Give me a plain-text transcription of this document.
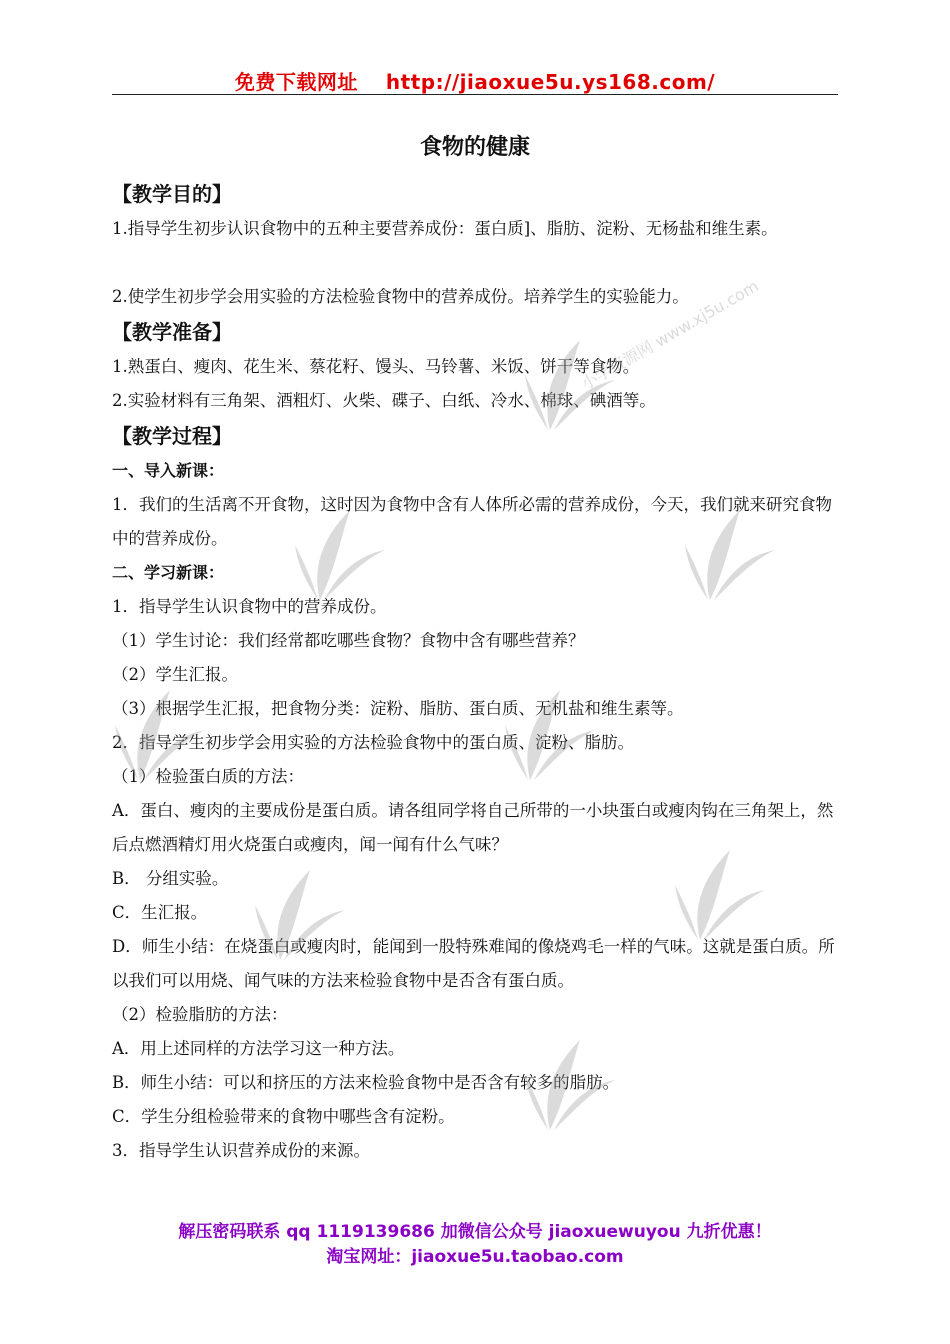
免费下载网址 http://jiaoxue5u.ys168.com/
食物的健康
【教学目的】
1.指导学生初步认识食物中的五种主要营养成份：蛋白质]、脂肪、淀粉、无杨盐和维生素。
2.使学生初步学会用实验的方法检验食物中的营养成份。培养学生的实验能力。
【教学准备】
1.熟蛋白、瘦肉、花生米、蔡花籽、馒头、马铃薯、米饭、饼干等食物。
2.实验材料有三角架、酒粗灯、火柴、碟子、白纸、冷水、棉球、碘酒等。
【教学过程】
一、导入新课：
1．我们的生活离不开食物，这时因为食物中含有人体所必需的营养成份，今天，我们就来研究食物中的营养成份。
二、学习新课：
1．指导学生认识食物中的营养成份。
（1）学生讨论：我们经常都吃哪些食物？食物中含有哪些营养？
（2）学生汇报。
（3）根据学生汇报，把食物分类：淀粉、脂肪、蛋白质、无机盐和维生素等。
2．指导学生初步学会用实验的方法检验食物中的蛋白质、淀粉、脂肪。
（1）检验蛋白质的方法：
A．蛋白、瘦肉的主要成份是蛋白质。请各组同学将自己所带的一小块蛋白或瘦肉钩在三角架上，然后点燃酒精灯用火烧蛋白或瘦肉，闻一闻有什么气味？
B． 分组实验。
C．生汇报。
D．师生小结：在烧蛋白或瘦肉时，能闻到一股特殊难闻的像烧鸡毛一样的气味。这就是蛋白质。所以我们可以用烧、闻气味的方法来检验食物中是否含有蛋白质。
（2）检验脂肪的方法：
A．用上述同样的方法学习这一种方法。
B．师生小结：可以和挤压的方法来检验食物中是否含有较多的脂肪。
C．学生分组检验带来的食物中哪些含有淀粉。
3．指导学生认识营养成份的来源。
小学资源网 www.xj5u.com
解压密码联系 qq 1119139686 加微信公众号 jiaoxuewuyou 九折优惠！
淘宝网址：jiaoxue5u.taobao.com
